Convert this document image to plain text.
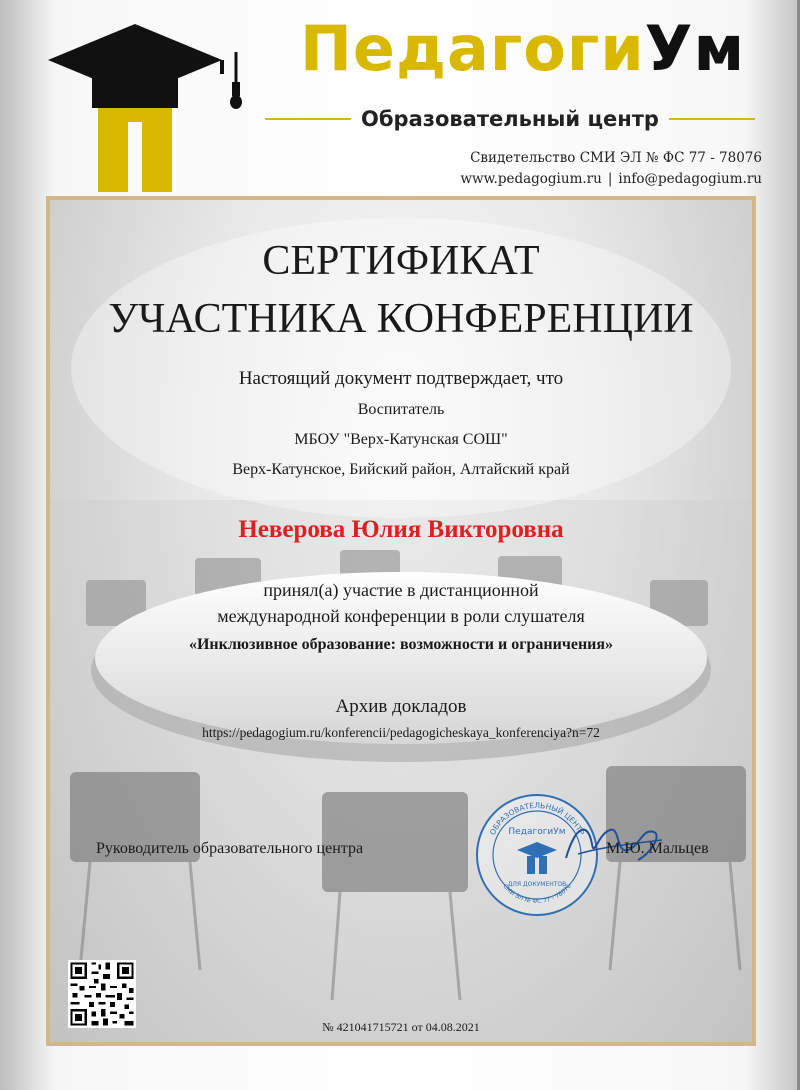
ПедагогиУм
Образовательный центр
Свидетельство СМИ ЭЛ № ФС 77 - 78076
www.pedagogium.ru | info@pedagogium.ru
СЕРТИФИКАТ
УЧАСТНИКА КОНФЕРЕНЦИИ
Настоящий документ подтверждает, что
Воспитатель
МБОУ "Верх-Катунская СОШ"
Верх-Катунское, Бийский район, Алтайский край
Неверова Юлия Викторовна
принял(а) участие в дистанционной
международной конференции в роли слушателя
«Инклюзивное образование: возможности и ограничения»
Архив докладов
https://pedagogium.ru/konferencii/pedagogicheskaya_konferenciya?n=72
Руководитель образовательного центра
ОБРАЗОВАТЕЛЬНЫЙ ЦЕНТР
СМИ ЭЛ № ФС 77 - 78076
ПедагогиУм
ДЛЯ ДОКУМЕНТОВ
М.Ю. Мальцев
№ 421041715721 от 04.08.2021
